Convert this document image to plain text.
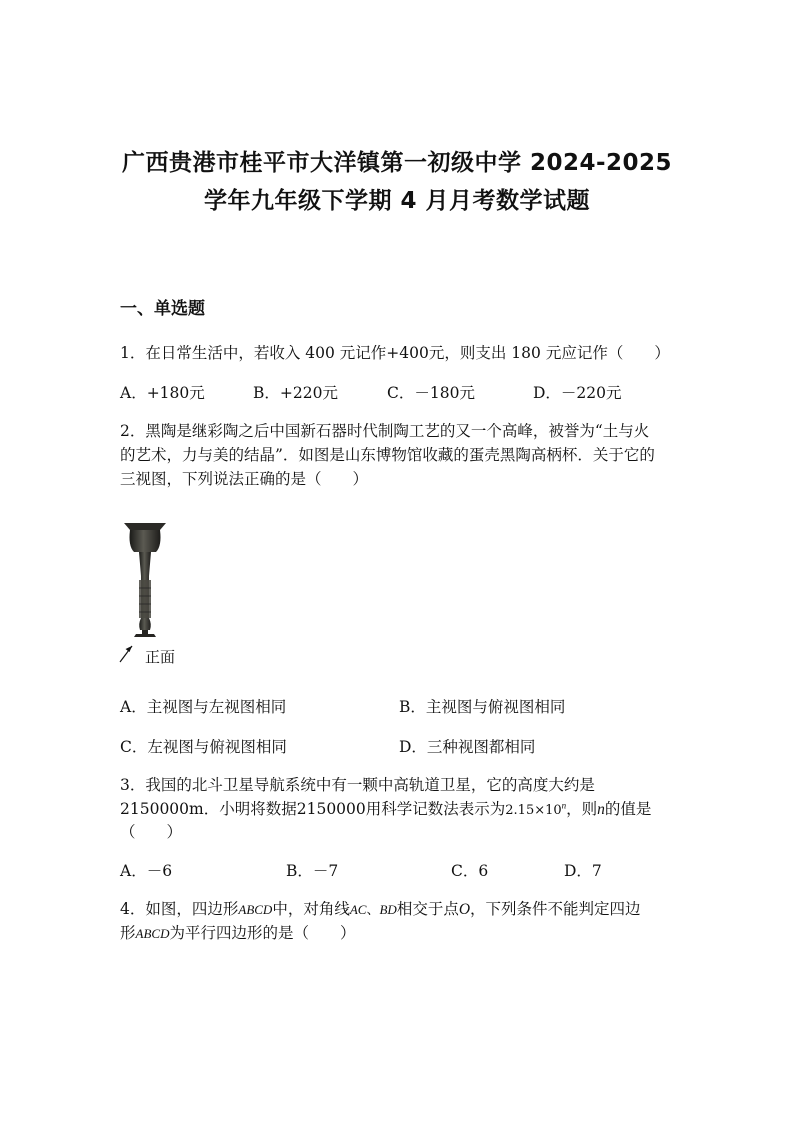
广西贵港市桂平市大洋镇第一初级中学 2024-2025
学年九年级下学期 4 月月考数学试题
一、单选题
1．在日常生活中，若收入 400 元记作+400元，则支出 180 元应记作（　　）
A．+180元	B．+220元	C．－180元	D．－220元
2．黑陶是继彩陶之后中国新石器时代制陶工艺的又一个高峰，被誉为“土与火
的艺术，力与美的结晶”．如图是山东博物馆收藏的蛋壳黑陶高柄杯．关于它的
三视图，下列说法正确的是（　　）
正面
A．主视图与左视图相同	B．主视图与俯视图相同
C．左视图与俯视图相同	D．三种视图都相同
3．我国的北斗卫星导航系统中有一颗中高轨道卫星，它的高度大约是
2150000m．小明将数据2150000用科学记数法表示为$2.15\times 10^n$，则n的值是
（　　）
A．－6	B．－7	C．6	D．7
4．如图，四边形ABCD中，对角线AC、BD相交于点O，下列条件不能判定四边
形ABCD为平行四边形的是（　　）
